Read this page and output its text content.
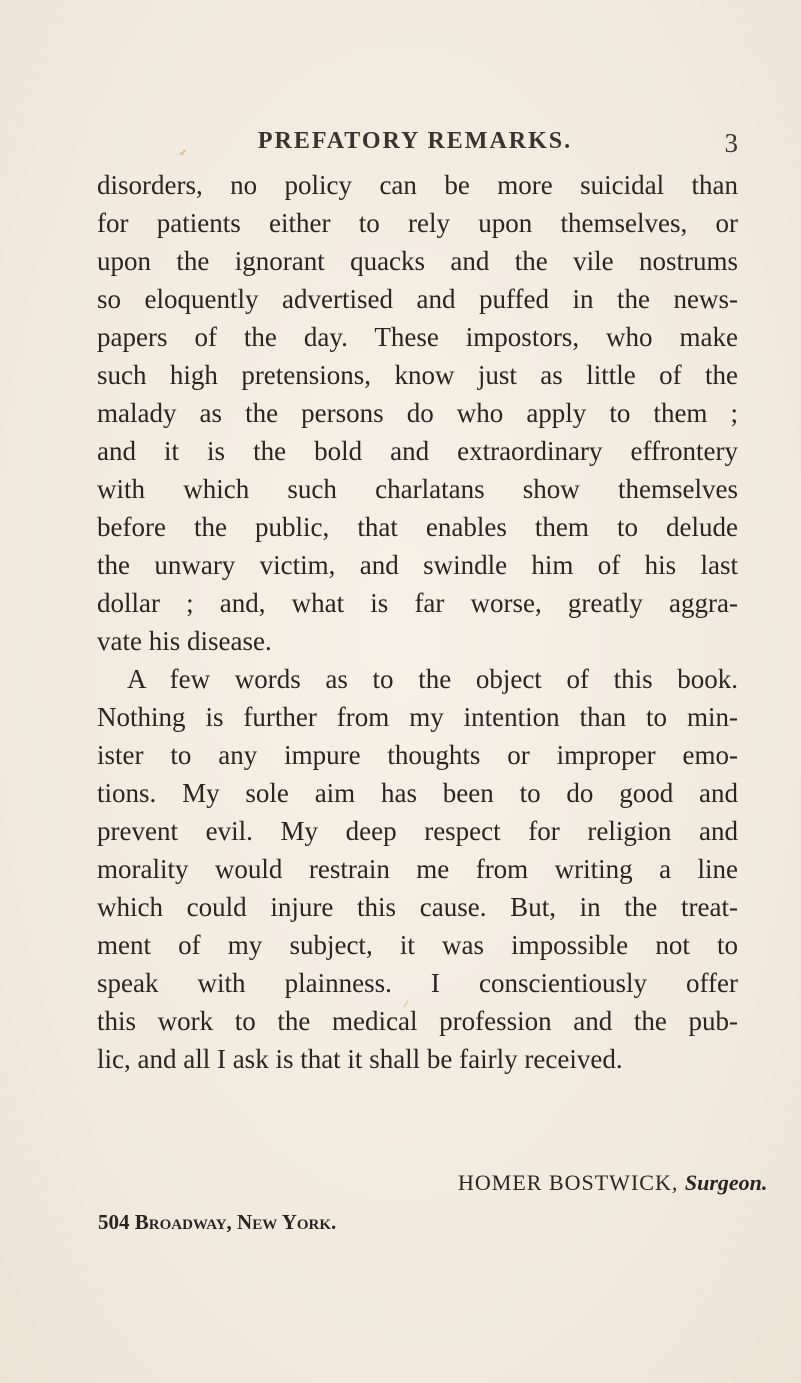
PREFATORY REMARKS.	3
disorders, no policy can be more suicidal than
for patients either to rely upon themselves, or
upon the ignorant quacks and the vile nostrums
so eloquently advertised and puffed in the news-
papers of the day. These impostors, who make
such high pretensions, know just as little of the
malady as the persons do who apply to them ;
and it is the bold and extraordinary effrontery
with which such charlatans show themselves
before the public, that enables them to delude
the unwary victim, and swindle him of his last
dollar ; and, what is far worse, greatly aggra-
vate his disease.
A few words as to the object of this book.
Nothing is further from my intention than to min-
ister to any impure thoughts or improper emo-
tions. My sole aim has been to do good and
prevent evil. My deep respect for religion and
morality would restrain me from writing a line
which could injure this cause. But, in the treat-
ment of my subject, it was impossible not to
speak with plainness. I conscientiously offer
this work to the medical profession and the pub-
lic, and all I ask is that it shall be fairly received.
HOMER BOSTWICK, Surgeon.
504 Broadway, New York.
